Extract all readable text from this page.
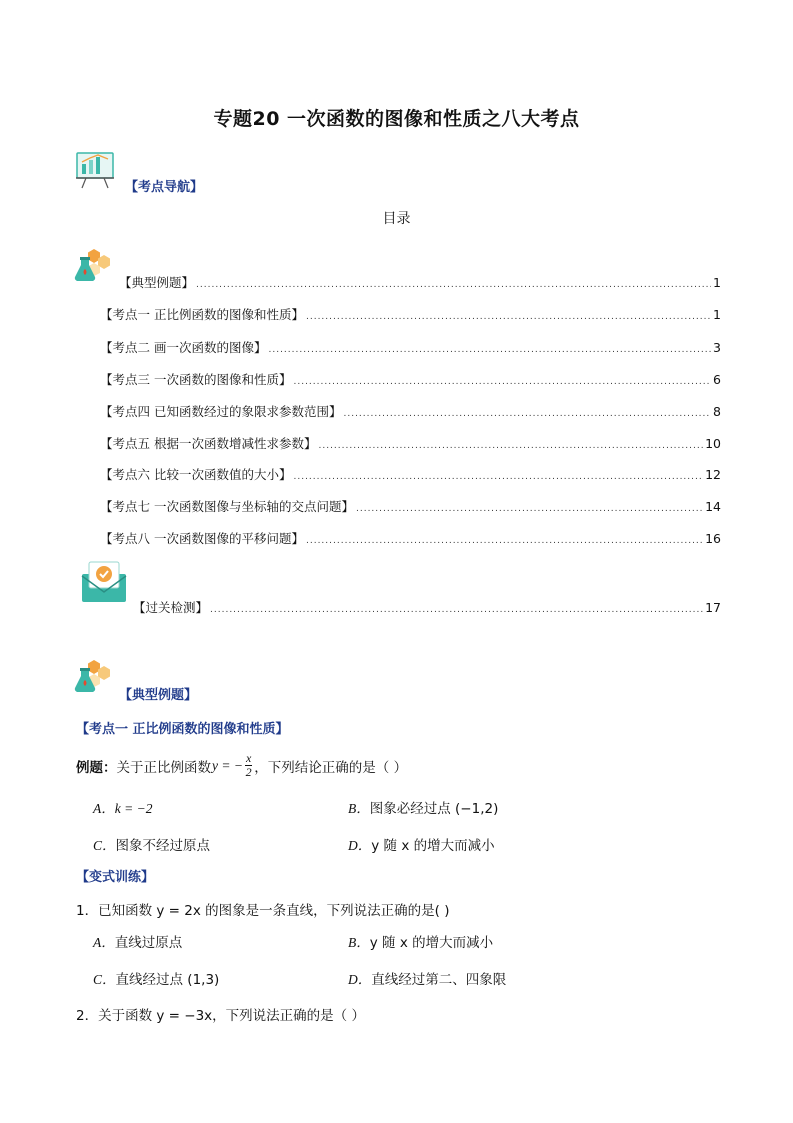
专题20 一次函数的图像和性质之八大考点
【考点导航】
目录
【典型例题】 .....	1
【考点一 正比例函数的图像和性质】 .....	1
【考点二 画一次函数的图像】 .....	3
【考点三 一次函数的图像和性质】 .....	6
【考点四 已知函数经过的象限求参数范围】 .....	8
【考点五 根据一次函数增减性求参数】 .....	10
【考点六 比较一次函数值的大小】 .....	12
【考点七 一次函数图像与坐标轴的交点问题】 .....	14
【考点八 一次函数图像的平移问题】 .....	16
【过关检测】 .....	17
【典型例题】
【考点一 正比例函数的图像和性质】
例题： 关于正比例函数 y = − $\frac{x}{2}$ ，下列结论正确的是（ ）
A．k = −2	B．图象必经过点 (−1,2)
C．图象不经过原点	D．y 随 x 的增大而减小
【变式训练】
1．已知函数 y = 2x 的图象是一条直线，下列说法正确的是( )
A．直线过原点	B．y 随 x 的增大而减小
C．直线经过点 (1,3)	D．直线经过第二、四象限
2．关于函数 y = −3x，下列说法正确的是（ ）
